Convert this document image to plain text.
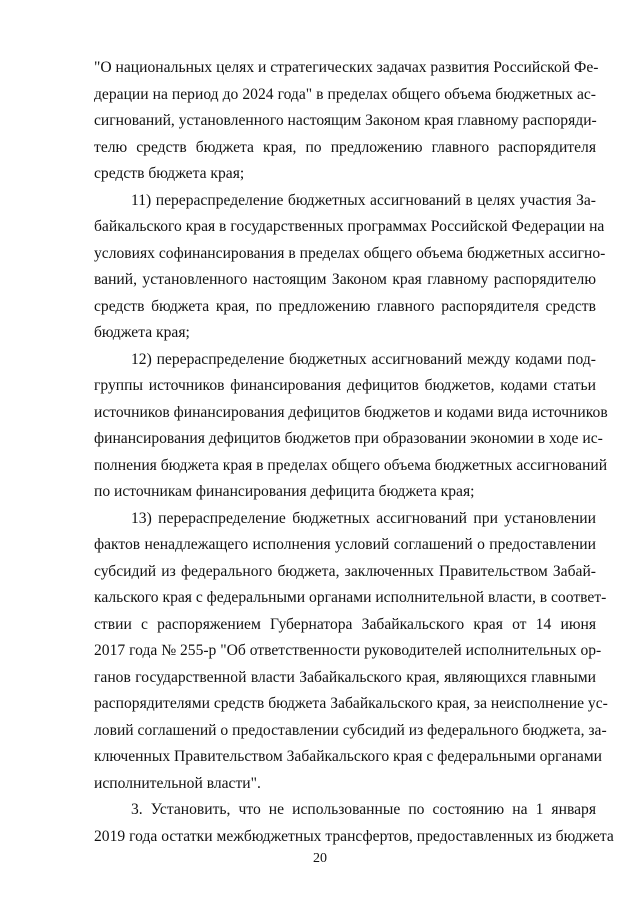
"О национальных целях и стратегических задачах развития Российской Фе-
дерации на период до 2024 года" в пределах общего объема бюджетных ас-
сигнований, установленного настоящим Законом края главному распоряди-
телю средств бюджета края, по предложению главного распорядителя
средств бюджета края;
11) перераспределение бюджетных ассигнований в целях участия За-
байкальского края в государственных программах Российской Федерации на
условиях софинансирования в пределах общего объема бюджетных ассигно-
ваний, установленного настоящим Законом края главному распорядителю
средств бюджета края, по предложению главного распорядителя средств
бюджета края;
12) перераспределение бюджетных ассигнований между кодами под-
группы источников финансирования дефицитов бюджетов, кодами статьи
источников финансирования дефицитов бюджетов и кодами вида источников
финансирования дефицитов бюджетов при образовании экономии в ходе ис-
полнения бюджета края в пределах общего объема бюджетных ассигнований
по источникам финансирования дефицита бюджета края;
13) перераспределение бюджетных ассигнований при установлении
фактов ненадлежащего исполнения условий соглашений о предоставлении
субсидий из федерального бюджета, заключенных Правительством Забай-
кальского края с федеральными органами исполнительной власти, в соответ-
ствии с распоряжением Губернатора Забайкальского края от 14 июня
2017 года № 255-р "Об ответственности руководителей исполнительных ор-
ганов государственной власти Забайкальского края, являющихся главными
распорядителями средств бюджета Забайкальского края, за неисполнение ус-
ловий соглашений о предоставлении субсидий из федерального бюджета, за-
ключенных Правительством Забайкальского края с федеральными органами
исполнительной власти".
3. Установить, что не использованные по состоянию на 1 января
2019 года остатки межбюджетных трансфертов, предоставленных из бюджета
20
